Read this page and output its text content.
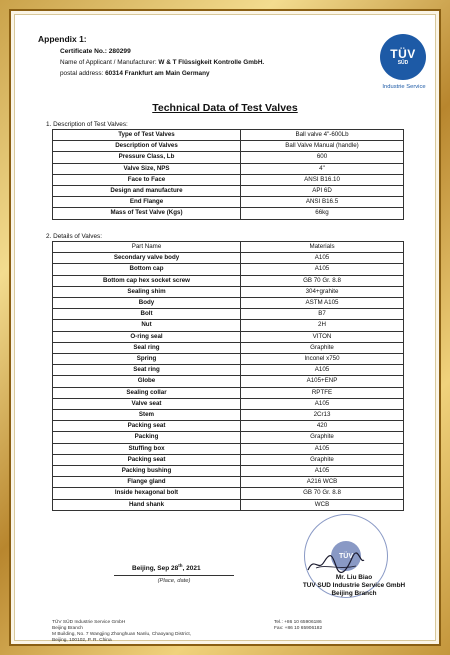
Appendix 1:
Certificate No.: 280299
Name of Applicant / Manufacturer: W & T Flüssigkeit Kontrolle GmbH.
postal address: 60314 Frankfurt am Main Germany
TÜV
SÜD
Industrie Service
Technical Data of Test Valves
1. Description of Test Valves:
Type of Test Valves	Ball valve 4"-600Lb
Description of Valves	Ball Valve Manual (handle)
Pressure Class, Lb	600
Valve Size, NPS	4"
Face to Face	ANSI B16.10
Design and manufacture	API 6D
End Flange	ANSI B16.5
Mass of Test Valve (Kgs)	66kg
2. Details of Valves:
Part Name	Materials
Secondary valve body	A105
Bottom cap	A105
Bottom cap hex socket screw	GB 70 Gr. 8.8
Sealing shim	304+grahite
Body	ASTM A105
Bolt	B7
Nut	2H
O-ring seal	VITON
Seal ring	Graphite
Spring	Inconel x750
Seat ring	A105
Globe	A105+ENP
Sealing collar	RPTFE
Valve seat	A105
Stem	2Cr13
Packing seat	420
Packing	Graphite
Stuffing box	A105
Packing seat	Graphite
Packing bushing	A105
Flange gland	A216 WCB
Inside hexagonal bolt	GB 70 Gr. 8.8
Hand shank	WCB
TÜV
Beijing, Sep 28th, 2021
(Place, date)	Mr. Liu Biao
TUV SUD Industrie Service GmbH
Beijing Branch
TÜV SÜD Industrie Service GmbH
Beijing Branch
M Building, No. 7 Wangjing Zhonghuan Nanlu, Chaoyang District,
Beijing, 100102, P. R. China
Tel.: +86 10 65906186
Fax: +86 10 65906182
